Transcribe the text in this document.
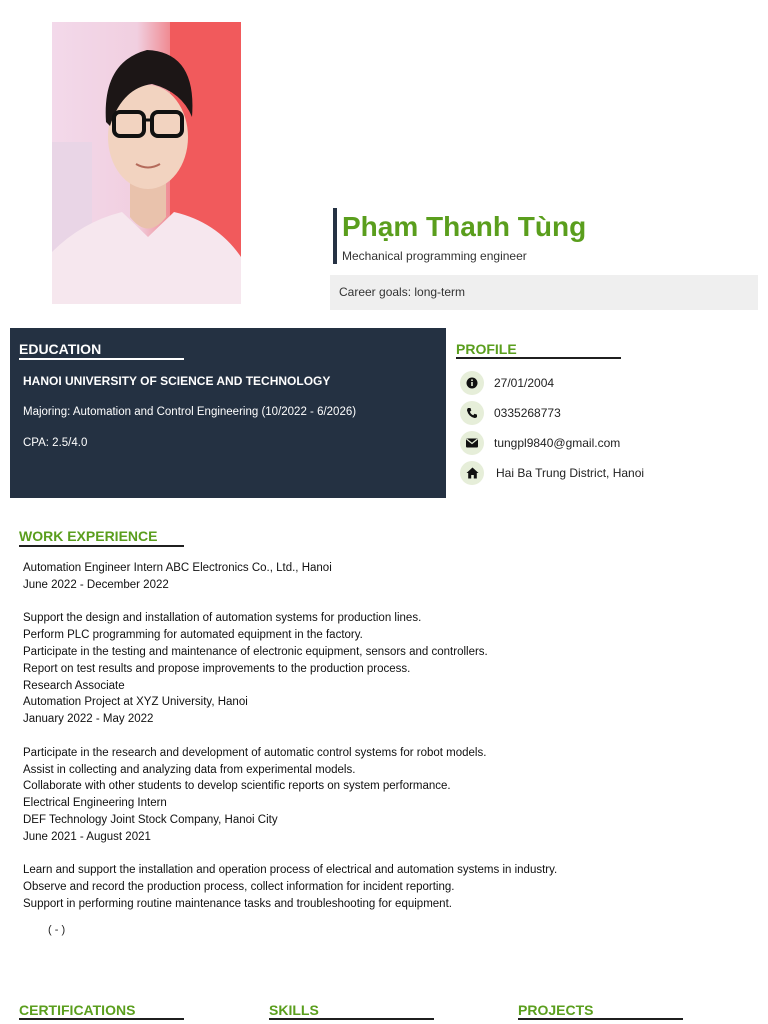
Phạm Thanh Tùng
Mechanical programming engineer
Career goals: long-term
EDUCATION
HANOI UNIVERSITY OF SCIENCE AND TECHNOLOGY
Majoring: Automation and Control Engineering (10/2022 - 6/2026)
CPA: 2.5/4.0
PROFILE
27/01/2004
0335268773
tungpl9840@gmail.com
Hai Ba Trung District, Hanoi
WORK EXPERIENCE
Automation Engineer Intern ABC Electronics Co., Ltd., Hanoi
June 2022 - December 2022
Support the design and installation of automation systems for production lines.
Perform PLC programming for automated equipment in the factory.
Participate in the testing and maintenance of electronic equipment, sensors and controllers.
Report on test results and propose improvements to the production process.
Research Associate
Automation Project at XYZ University, Hanoi
January 2022 - May 2022
Participate in the research and development of automatic control systems for robot models.
Assist in collecting and analyzing data from experimental models.
Collaborate with other students to develop scientific reports on system performance.
Electrical Engineering Intern
DEF Technology Joint Stock Company, Hanoi City
June 2021 - August 2021
Learn and support the installation and operation process of electrical and automation systems in industry.
Observe and record the production process, collect information for incident reporting.
Support in performing routine maintenance tasks and troubleshooting for equipment.
( - )
CERTIFICATIONS	SKILLS	PROJECTS
